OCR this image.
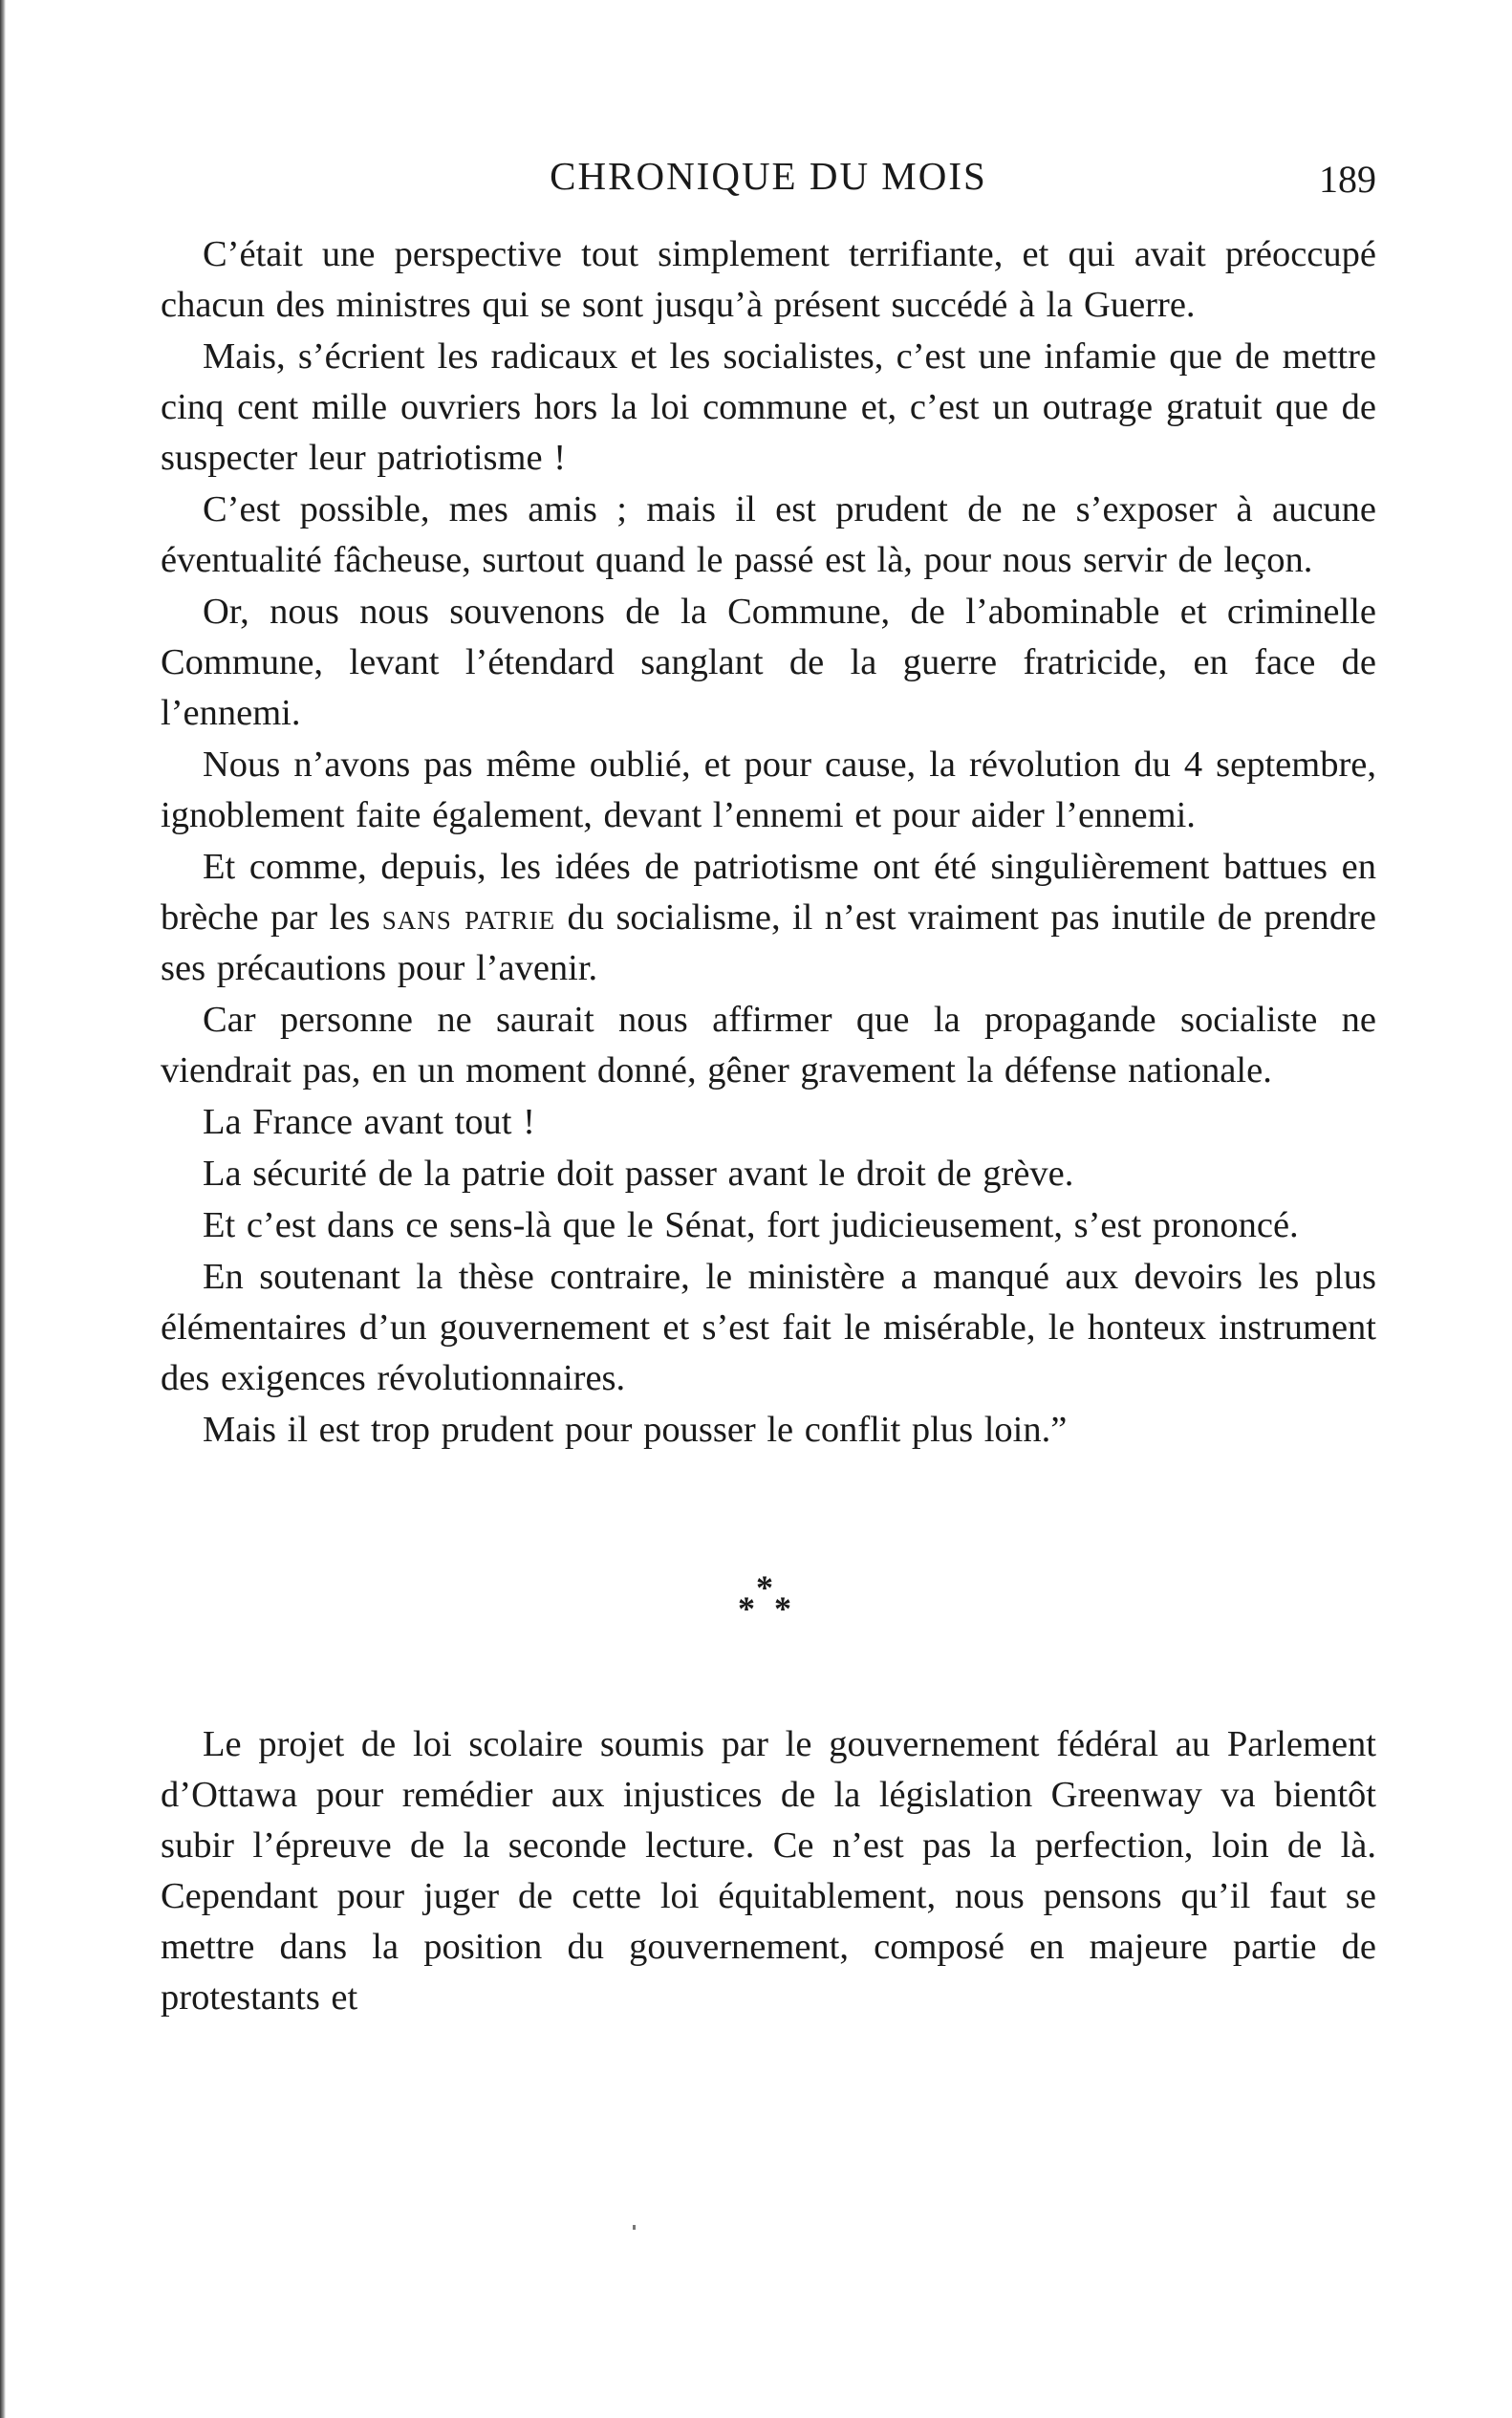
CHRONIQUE DU MOIS	189

C’était une perspective tout simplement terrifiante, et qui avait préoccupé chacun des ministres qui se sont jusqu’à présent succédé à la Guerre.

Mais, s’écrient les radicaux et les socialistes, c’est une infamie que de mettre cinq cent mille ouvriers hors la loi commune et, c’est un outrage gratuit que de suspecter leur patriotisme !

C’est possible, mes amis ; mais il est prudent de ne s’exposer à aucune éventualité fâcheuse, surtout quand le passé est là, pour nous servir de leçon.

Or, nous nous souvenons de la Commune, de l’abominable et criminelle Commune, levant l’étendard sanglant de la guerre fratricide, en face de l’ennemi.

Nous n’avons pas même oublié, et pour cause, la révolution du 4 septembre, ignoblement faite également, devant l’ennemi et pour aider l’ennemi.

Et comme, depuis, les idées de patriotisme ont été singulièrement battues en brèche par les sans patrie du socialisme, il n’est vraiment pas inutile de prendre ses précautions pour l’avenir.

Car personne ne saurait nous affirmer que la propagande socialiste ne viendrait pas, en un moment donné, gêner gravement la défense nationale.

La France avant tout !

La sécurité de la patrie doit passer avant le droit de grève.

Et c’est dans ce sens-là que le Sénat, fort judicieusement, s’est prononcé.

En soutenant la thèse contraire, le ministère a manqué aux devoirs les plus élémentaires d’un gouvernement et s’est fait le misérable, le honteux instrument des exigences révolutionnaires.

Mais il est trop prudent pour pousser le conflit plus loin.”

*
* *

Le projet de loi scolaire soumis par le gouvernement fédéral au Parlement d’Ottawa pour remédier aux injustices de la législation Greenway va bientôt subir l’épreuve de la seconde lecture. Ce n’est pas la perfection, loin de là. Cependant pour juger de cette loi équitablement, nous pensons qu’il faut se mettre dans la position du gouvernement, composé en majeure partie de protestants et
